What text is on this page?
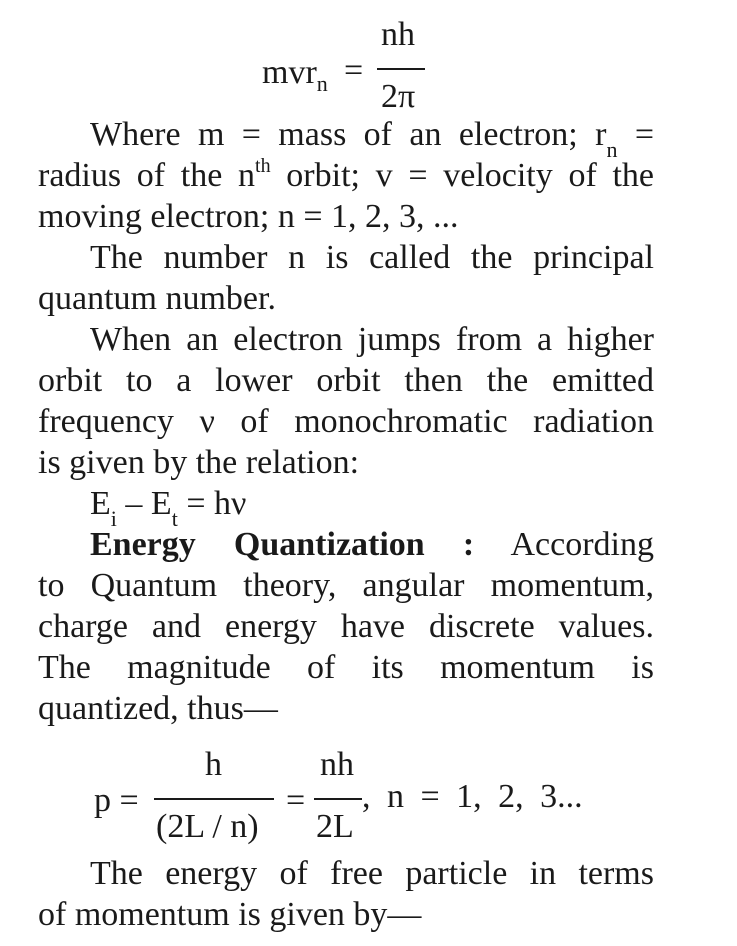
mvr$_n$ =
nh
2π
Where m = mass of an electron; $r_n$ =
radius of the $n^{th}$ orbit; v = velocity of the
moving electron; n = 1, 2, 3, ...
The number n is called the principal
quantum number.
When an electron jumps from a higher
orbit to a lower orbit then the emitted
frequency ν of monochromatic radiation
is given by the relation:
$E_i - E_t = h\nu$
Energy Quantization : According
to Quantum theory, angular momentum,
charge and energy have discrete values.
The magnitude of its momentum is
quantized, thus—
p =
h
(2L / n)
=
nh
2L
, n = 1, 2, 3...
The energy of free particle in terms
of momentum is given by—
